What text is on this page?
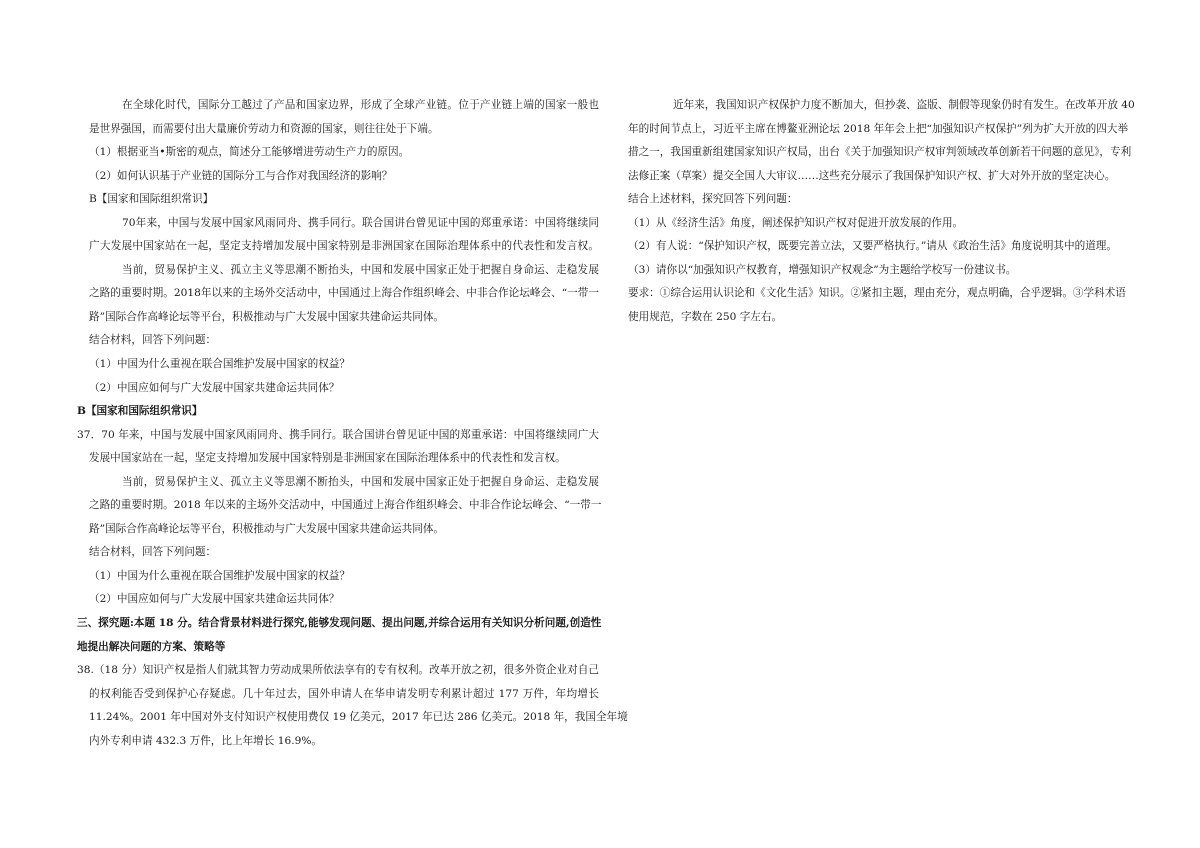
在全球化时代，国际分工越过了产品和国家边界，形成了全球产业链。位于产业链上端的国家一般也

是世界强国，而需要付出大量廉价劳动力和资源的国家，则往往处于下端。

（1）根据亚当•斯密的观点，简述分工能够增进劳动生产力的原因。

（2）如何认识基于产业链的国际分工与合作对我国经济的影响？

B【国家和国际组织常识】

70年来，中国与发展中国家风雨同舟、携手同行。联合国讲台曾见证中国的郑重承诺：中国将继续同

广大发展中国家站在一起，坚定支持增加发展中国家特别是非洲国家在国际治理体系中的代表性和发言权。

当前，贸易保护主义、孤立主义等思潮不断抬头，中国和发展中国家正处于把握自身命运、走稳发展

之路的重要时期。2018年以来的主场外交活动中，中国通过上海合作组织峰会、中非合作论坛峰会、“一带一

路”国际合作高峰论坛等平台，积极推动与广大发展中国家共建命运共同体。

结合材料，回答下列问题：

（1）中国为什么重视在联合国维护发展中国家的权益？

（2）中国应如何与广大发展中国家共建命运共同体？

B【国家和国际组织常识】

37．70 年来，中国与发展中国家风雨同舟、携手同行。联合国讲台曾见证中国的郑重承诺：中国将继续同广大

发展中国家站在一起，坚定支持增加发展中国家特别是非洲国家在国际治理体系中的代表性和发言权。

当前，贸易保护主义、孤立主义等思潮不断抬头，中国和发展中国家正处于把握自身命运、走稳发展

之路的重要时期。2018 年以来的主场外交活动中，中国通过上海合作组织峰会、中非合作论坛峰会、“一带一

路”国际合作高峰论坛等平台，积极推动与广大发展中国家共建命运共同体。

结合材料，回答下列问题：

（1）中国为什么重视在联合国维护发展中国家的权益？

（2）中国应如何与广大发展中国家共建命运共同体？

三、探究题:本题 18 分。结合背景材料进行探究,能够发现问题、提出问题,并综合运用有关知识分析问题,创造性

地提出解决问题的方案、策略等

38.（18 分）知识产权是指人们就其智力劳动成果所依法享有的专有权利。改革开放之初，很多外资企业对自己

的权利能否受到保护心存疑虑。几十年过去，国外申请人在华申请发明专利累计超过 177 万件，年均增长

11.24%。2001 年中国对外支付知识产权使用费仅 19 亿美元，2017 年已达 286 亿美元。2018 年，我国全年境

内外专利申请 432.3 万件，比上年增长 16.9%。

近年来，我国知识产权保护力度不断加大，但抄袭、盗版、制假等现象仍时有发生。在改革开放 40

年的时间节点上，习近平主席在博鳌亚洲论坛 2018 年年会上把“加强知识产权保护”列为扩大开放的四大举

措之一，我国重新组建国家知识产权局，出台《关于加强知识产权审判领域改革创新若干问题的意见》，专利

法修正案（草案）提交全国人大审议……这些充分展示了我国保护知识产权、扩大对外开放的坚定决心。

结合上述材料，探究回答下列问题：

（1）从《经济生活》角度，阐述保护知识产权对促进开放发展的作用。

（2）有人说：“保护知识产权，既要完善立法，又要严格执行。”请从《政治生活》角度说明其中的道理。

（3）请你以“加强知识产权教育，增强知识产权观念”为主题给学校写一份建议书。

要求：①综合运用认识论和《文化生活》知识。②紧扣主题，理由充分，观点明确，合乎逻辑。③学科术语

使用规范，字数在 250 字左右。
